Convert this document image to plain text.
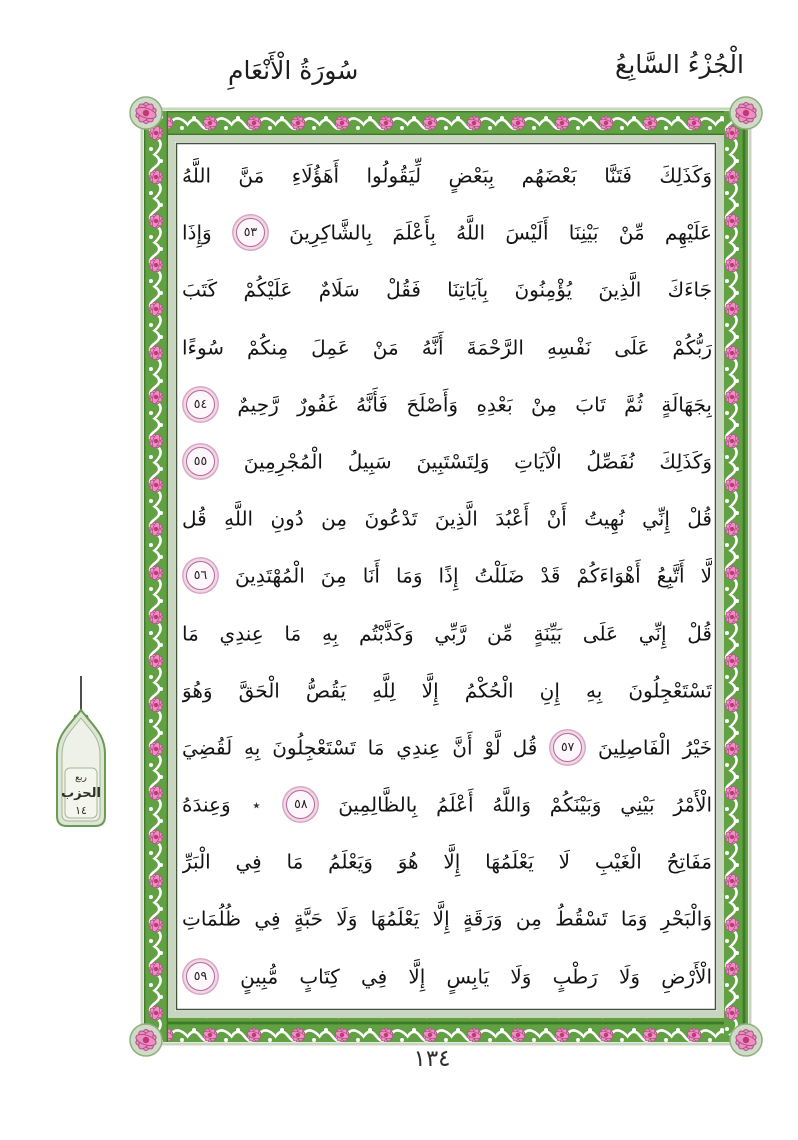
الْجُزْءُ السَّابِعُ
سُورَةُ الْأَنْعَامِ
وَكَذَلِكَ فَتَنَّا بَعْضَهُم بِبَعْضٍ لِّيَقُولُوا أَهَؤُلَاءِ مَنَّ اللَّهُ
عَلَيْهِم مِّنْ بَيْنِنَا أَلَيْسَ اللَّهُ بِأَعْلَمَ بِالشَّاكِرِينَ ٥٣ وَإِذَا
جَاءَكَ الَّذِينَ يُؤْمِنُونَ بِآيَاتِنَا فَقُلْ سَلَامٌ عَلَيْكُمْ كَتَبَ
رَبُّكُمْ عَلَى نَفْسِهِ الرَّحْمَةَ أَنَّهُ مَنْ عَمِلَ مِنكُمْ سُوءًا
بِجَهَالَةٍ ثُمَّ تَابَ مِنْ بَعْدِهِ وَأَصْلَحَ فَأَنَّهُ غَفُورٌ رَّحِيمٌ ٥٤
وَكَذَلِكَ نُفَصِّلُ الْآيَاتِ وَلِتَسْتَبِينَ سَبِيلُ الْمُجْرِمِينَ ٥٥
قُلْ إِنِّي نُهِيتُ أَنْ أَعْبُدَ الَّذِينَ تَدْعُونَ مِن دُونِ اللَّهِ قُل
لَّا أَتَّبِعُ أَهْوَاءَكُمْ قَدْ ضَلَلْتُ إِذًا وَمَا أَنَا مِنَ الْمُهْتَدِينَ ٥٦
قُلْ إِنِّي عَلَى بَيِّنَةٍ مِّن رَّبِّي وَكَذَّبْتُم بِهِ مَا عِندِي مَا
تَسْتَعْجِلُونَ بِهِ إِنِ الْحُكْمُ إِلَّا لِلَّهِ يَقُصُّ الْحَقَّ وَهُوَ
خَيْرُ الْفَاصِلِينَ ٥٧ قُل لَّوْ أَنَّ عِندِي مَا تَسْتَعْجِلُونَ بِهِ لَقُضِيَ
الْأَمْرُ بَيْنِي وَبَيْنَكُمْ وَاللَّهُ أَعْلَمُ بِالظَّالِمِينَ ٥٨ ٭ وَعِندَهُ
مَفَاتِحُ الْغَيْبِ لَا يَعْلَمُهَا إِلَّا هُوَ وَيَعْلَمُ مَا فِي الْبَرِّ
وَالْبَحْرِ وَمَا تَسْقُطُ مِن وَرَقَةٍ إِلَّا يَعْلَمُهَا وَلَا حَبَّةٍ فِي ظُلُمَاتِ
الْأَرْضِ وَلَا رَطْبٍ وَلَا يَابِسٍ إِلَّا فِي كِتَابٍ مُّبِينٍ ٥٩
ربع
الحزب
١٤
١٣٤
